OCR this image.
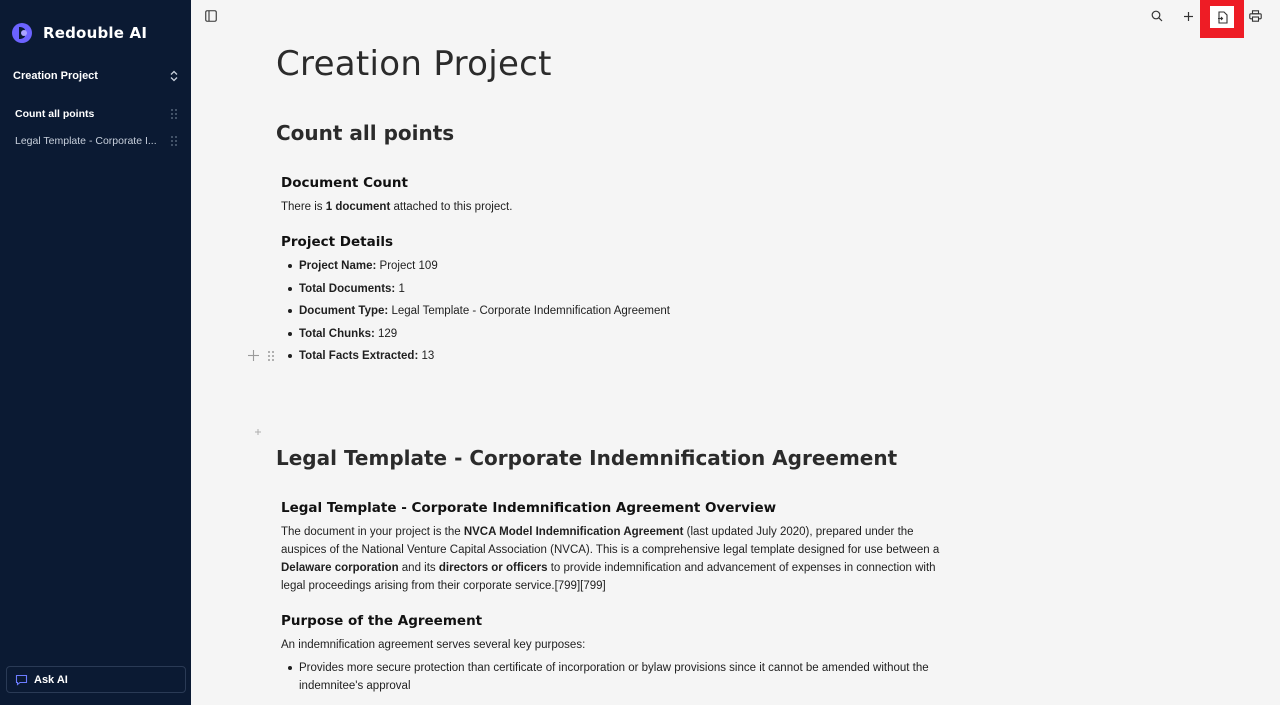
Redouble AI
Creation Project
Count all points
Legal Template - Corporate I...
Ask AI
Creation Project
Count all points
Document Count

There is 1 document attached to this project.

Project Details
Project Name: Project 109
Total Documents: 1
Document Type: Legal Template - Corporate Indemnification Agreement
Total Chunks: 129
Total Facts Extracted: 13
Legal Template - Corporate Indemnification Agreement
Legal Template - Corporate Indemnification Agreement Overview

The document in your project is the NVCA Model Indemnification Agreement (last updated July 2020), prepared under the auspices of the National Venture Capital Association (NVCA). This is a comprehensive legal template designed for use between a Delaware corporation and its directors or officers to provide indemnification and advancement of expenses in connection with legal proceedings arising from their corporate service.[799][799]

Purpose of the Agreement

An indemnification agreement serves several key purposes:

Provides more secure protection than certificate of incorporation or bylaw provisions since it cannot be amended without the indemnitee's approval
